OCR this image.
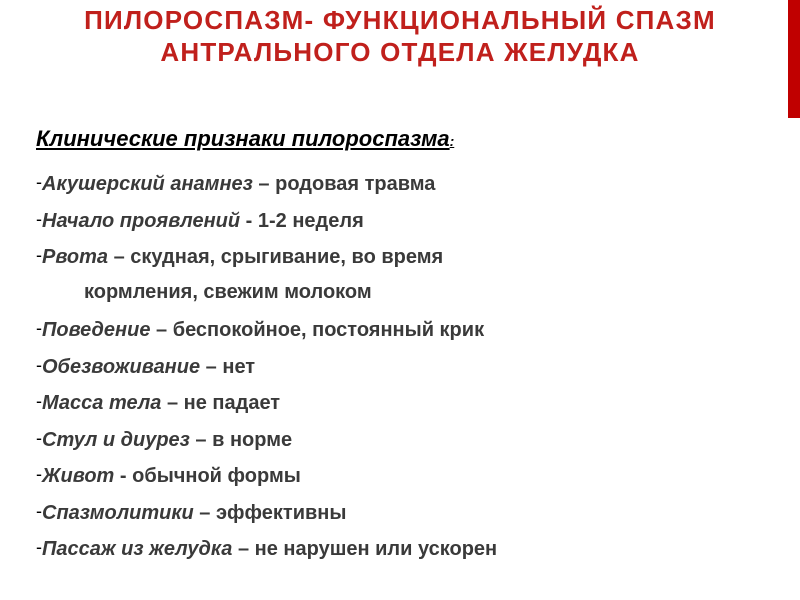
ПИЛОРОСПАЗМ- ФУНКЦИОНАЛЬНЫЙ СПАЗМ
АНТРАЛЬНОГО ОТДЕЛА ЖЕЛУДКА
Клинические признаки пилороспазма:
-Акушерский анамнез – родовая травма
-Начало проявлений - 1-2 неделя
-Рвота – скудная, срыгивание, во время
кормления, свежим молоком
-Поведение – беспокойное, постоянный крик
-Обезвоживание – нет
-Масса тела – не падает
-Стул и диурез – в норме
-Живот - обычной формы
-Спазмолитики – эффективны
-Пассаж из желудка – не нарушен или ускорен
